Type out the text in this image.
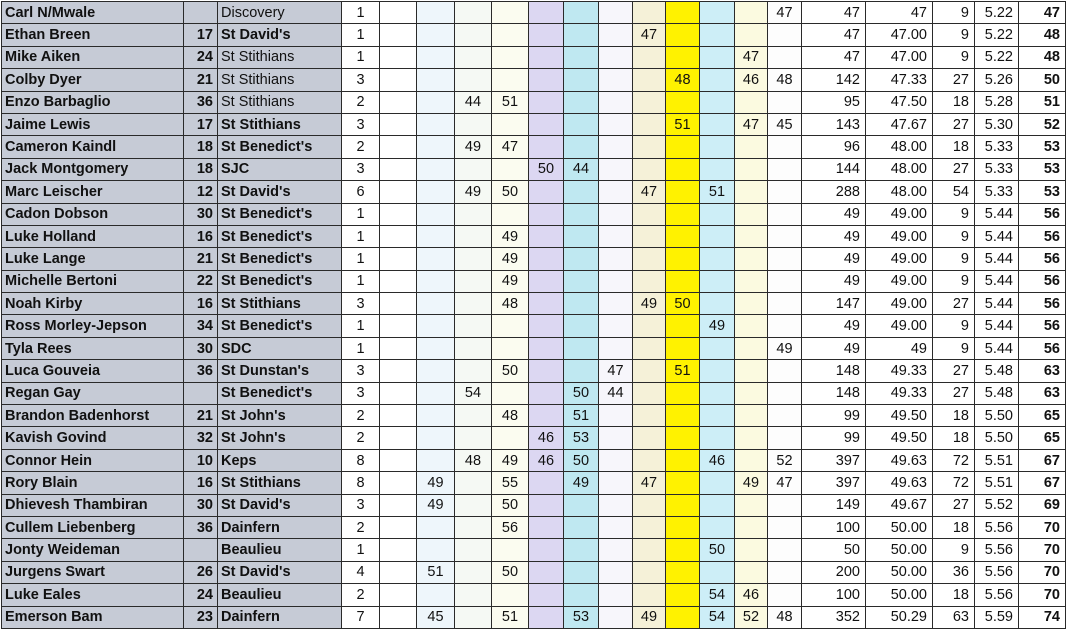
Carl N/Mwale		Discovery	1												47	47	47	9	5.22	47
Ethan Breen	17	St David's	1								47					47	47.00	9	5.22	48
Mike Aiken	24	St Stithians	1											47		47	47.00	9	5.22	48
Colby Dyer	21	St Stithians	3									48		46	48	142	47.33	27	5.26	50
Enzo Barbaglio	36	St Stithians	2			44	51									95	47.50	18	5.28	51
Jaime Lewis	17	St Stithians	3									51		47	45	143	47.67	27	5.30	52
Cameron Kaindl	18	St Benedict's	2			49	47									96	48.00	18	5.33	53
Jack Montgomery	18	SJC	3					50	44							144	48.00	27	5.33	53
Marc Leischer	12	St David's	6			49	50				47		51			288	48.00	54	5.33	53
Cadon Dobson	30	St Benedict's	1													49	49.00	9	5.44	56
Luke Holland	16	St Benedict's	1				49									49	49.00	9	5.44	56
Luke Lange	21	St Benedict's	1				49									49	49.00	9	5.44	56
Michelle Bertoni	22	St Benedict's	1				49									49	49.00	9	5.44	56
Noah Kirby	16	St Stithians	3				48				49	50				147	49.00	27	5.44	56
Ross Morley-Jepson	34	St Benedict's	1										49			49	49.00	9	5.44	56
Tyla Rees	30	SDC	1												49	49	49	9	5.44	56
Luca Gouveia	36	St Dunstan's	3				50			47		51				148	49.33	27	5.48	63
Regan Gay		St Benedict's	3			54			50	44						148	49.33	27	5.48	63
Brandon Badenhorst	21	St John's	2				48		51							99	49.50	18	5.50	65
Kavish Govind	32	St John's	2					46	53							99	49.50	18	5.50	65
Connor Hein	10	Keps	8			48	49	46	50				46		52	397	49.63	72	5.51	67
Rory Blain	16	St Stithians	8		49		55		49		47			49	47	397	49.63	72	5.51	67
Dhievesh Thambiran	30	St David's	3		49		50									149	49.67	27	5.52	69
Cullem Liebenberg	36	Dainfern	2				56									100	50.00	18	5.56	70
Jonty Weideman		Beaulieu	1										50			50	50.00	9	5.56	70
Jurgens Swart	26	St David's	4		51		50									200	50.00	36	5.56	70
Luke Eales	24	Beaulieu	2										54	46		100	50.00	18	5.56	70
Emerson Bam	23	Dainfern	7		45		51		53		49		54	52	48	352	50.29	63	5.59	74
